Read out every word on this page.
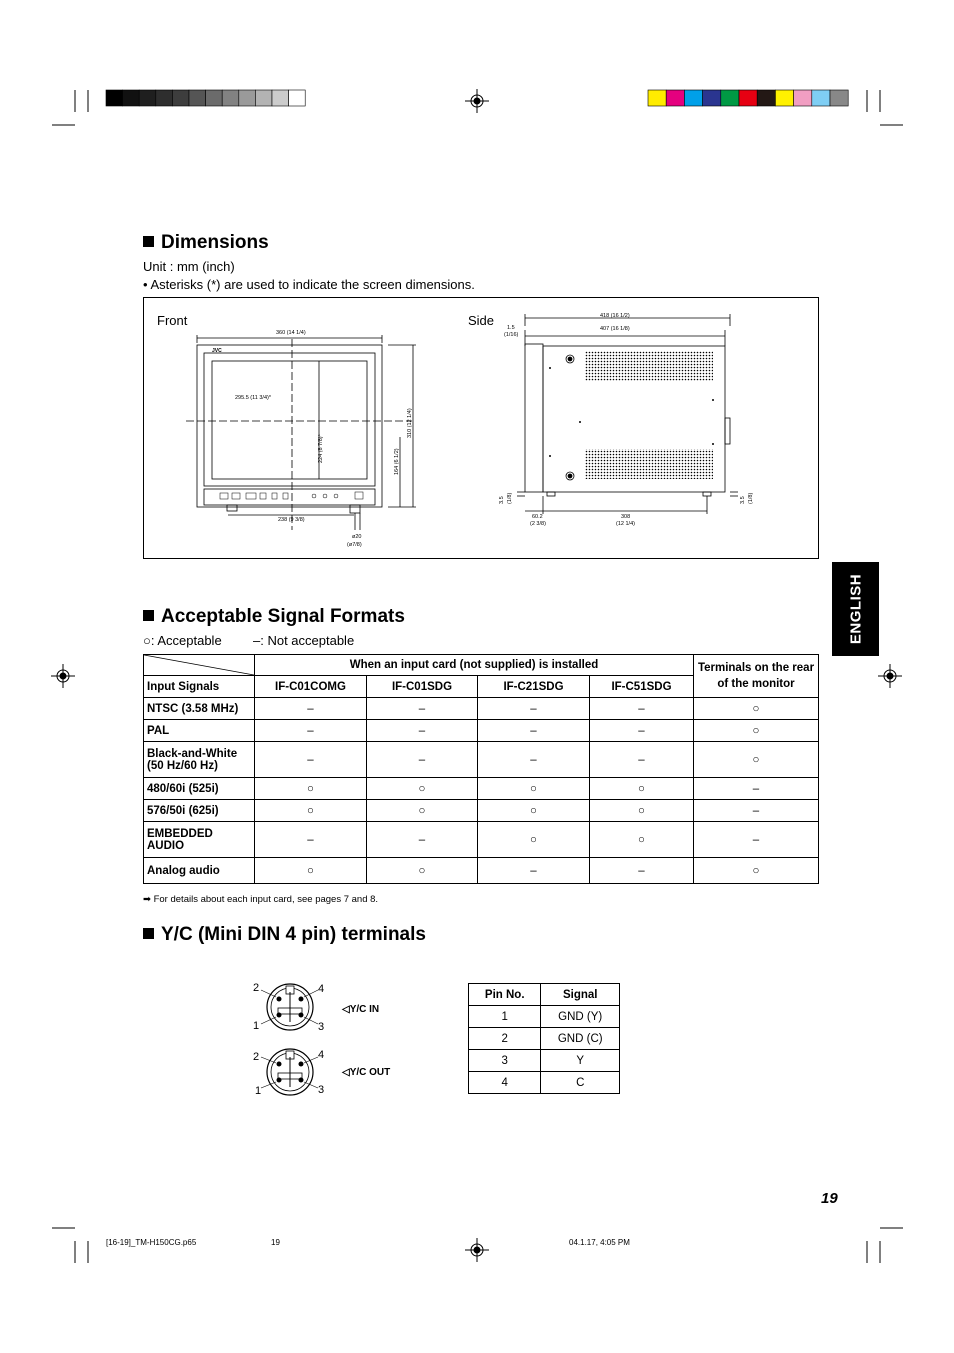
Dimensions
Unit : mm (inch)
• Asterisks (*) are used to indicate the screen dimensions.
Front	Side
JVC
360 (14 1/4)
295.5 (11 3/4)*
238 (9 3/8)
224 (8 7/8)*
310 (12 1/4)
164 (6 1/2)
ø20
(ø7/8)
418 (16 1/2)
407 (16 1/8)
1.5
(1/16)
3.5 (1/8)	3.5 (1/8)
60.2
(2 3/8)
308
(12 1/4)
ENGLISH
Acceptable Signal Formats
○: Acceptable –: Not acceptable
	When an input card (not supplied) is installed				Terminals on the rear of the monitor
Input Signals	IF-C01COMG	IF-C01SDG	IF-C21SDG	IF-C51SDG	
NTSC (3.58 MHz)	–	–	–	–	○
PAL	–	–	–	–	○
Black-and-White (50 Hz/60 Hz)	–	–	–	–	○
480/60i (525i)	○	○	○	○	–
576/50i (625i)	○	○	○	○	–
EMBEDDED AUDIO	–	–	○	○	–
Analog audio	○	○	–	–	○
➡ For details about each input card, see pages 7 and 8.
Y/C (Mini DIN 4 pin) terminals
2	4
1	3
2	4
1	3
◁Y/C IN
◁Y/C OUT
Pin No.	Signal
1	GND (Y)
2	GND (C)
3	Y
4	C
19
[16-19]_TM-H150CG.p65	19	04.1.17, 4:05 PM
